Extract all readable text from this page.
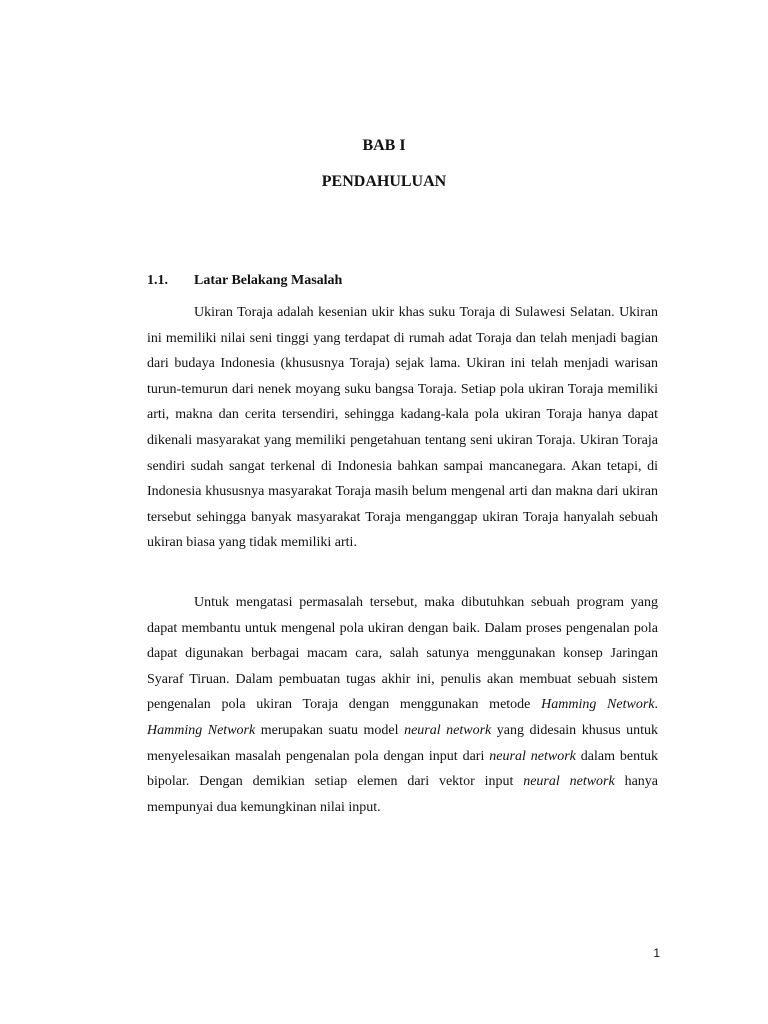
BAB I
PENDAHULUAN
1.1. Latar Belakang Masalah

Ukiran Toraja adalah kesenian ukir khas suku Toraja di Sulawesi Selatan. Ukiran ini memiliki nilai seni tinggi yang terdapat di rumah adat Toraja dan telah menjadi bagian dari budaya Indonesia (khususnya Toraja) sejak lama. Ukiran ini telah menjadi warisan turun-temurun dari nenek moyang suku bangsa Toraja. Setiap pola ukiran Toraja memiliki arti, makna dan cerita tersendiri, sehingga kadang-kala pola ukiran Toraja hanya dapat dikenali masyarakat yang memiliki pengetahuan tentang seni ukiran Toraja. Ukiran Toraja sendiri sudah sangat terkenal di Indonesia bahkan sampai mancanegara. Akan tetapi, di Indonesia khususnya masyarakat Toraja masih belum mengenal arti dan makna dari ukiran tersebut sehingga banyak masyarakat Toraja menganggap ukiran Toraja hanyalah sebuah ukiran biasa yang tidak memiliki arti.

Untuk mengatasi permasalah tersebut, maka dibutuhkan sebuah program yang dapat membantu untuk mengenal pola ukiran dengan baik. Dalam proses pengenalan pola dapat digunakan berbagai macam cara, salah satunya menggunakan konsep Jaringan Syaraf Tiruan. Dalam pembuatan tugas akhir ini, penulis akan membuat sebuah sistem pengenalan pola ukiran Toraja dengan menggunakan metode Hamming Network. Hamming Network merupakan suatu model neural network yang didesain khusus untuk menyelesaikan masalah pengenalan pola dengan input dari neural network dalam bentuk bipolar. Dengan demikian setiap elemen dari vektor input neural network hanya mempunyai dua kemungkinan nilai input.

1
